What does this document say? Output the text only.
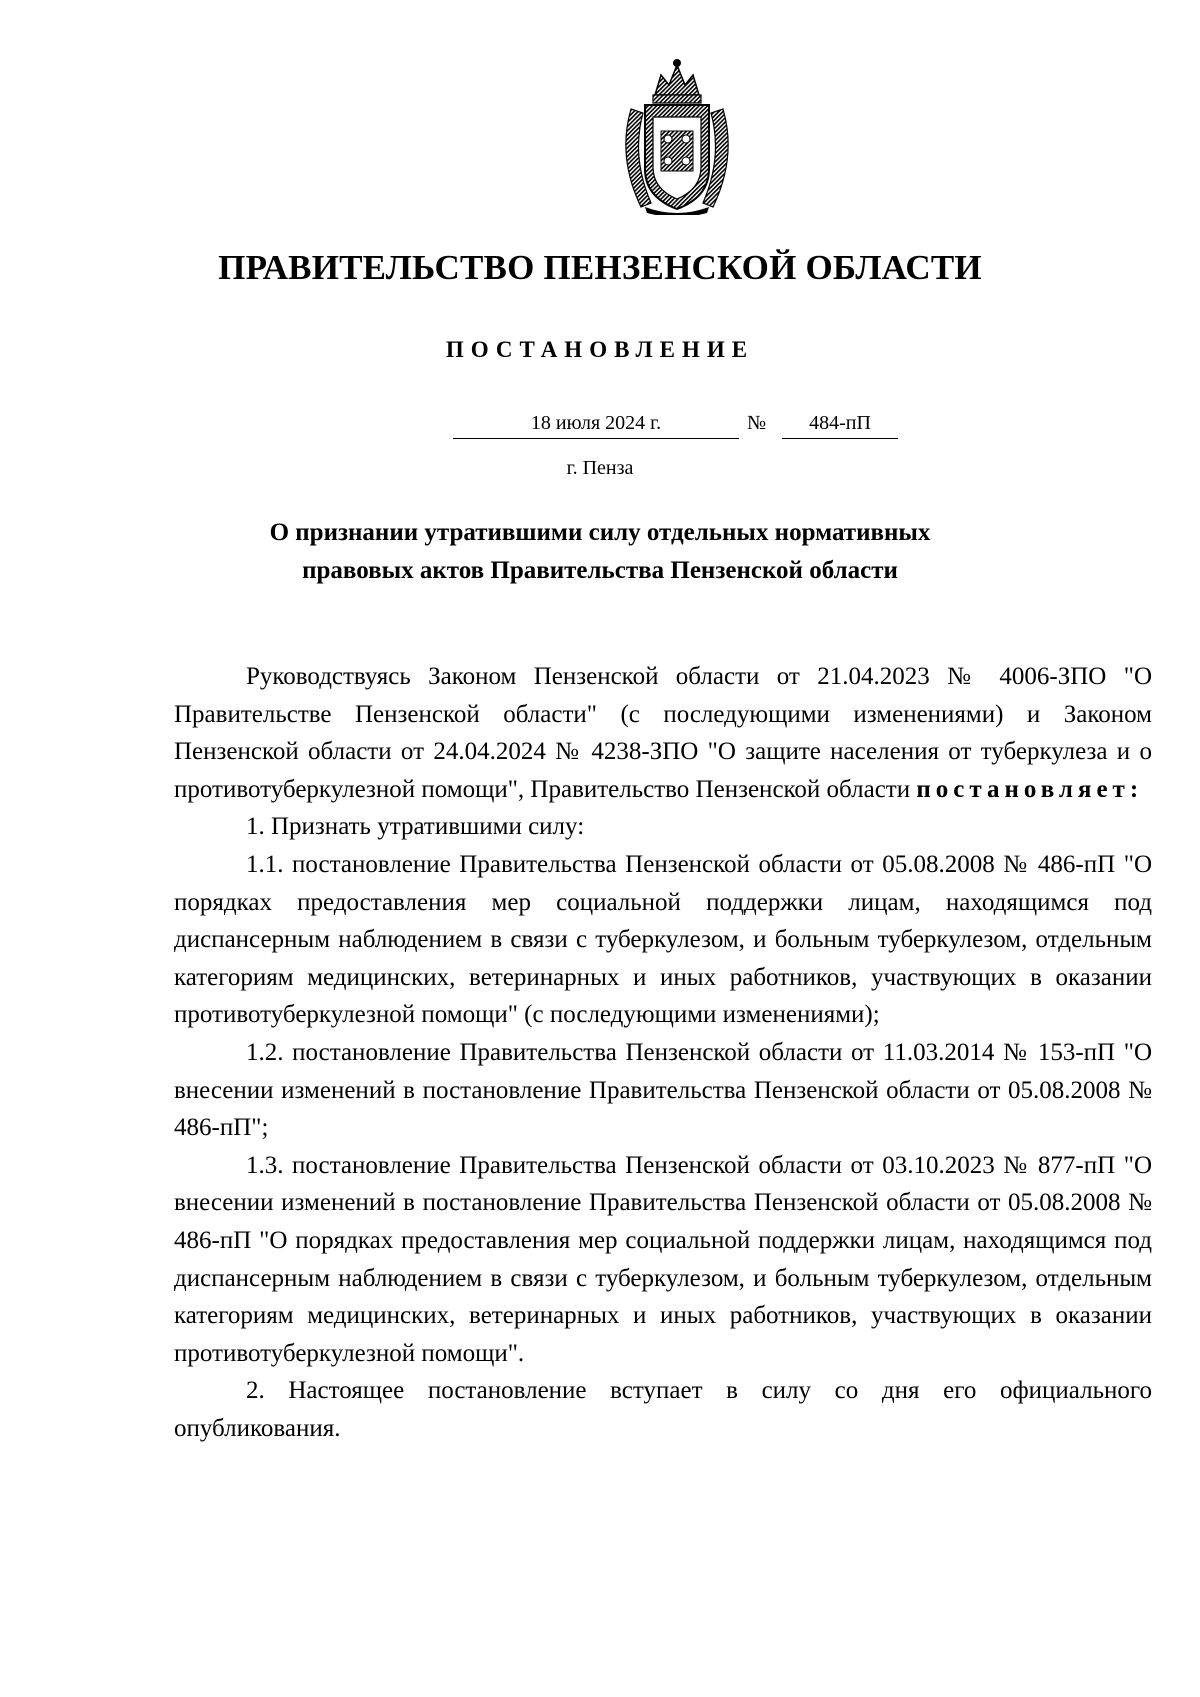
ПРАВИТЕЛЬСТВО ПЕНЗЕНСКОЙ ОБЛАСТИ
ПОСТАНОВЛЕНИЕ
18 июля 2024 г.	№	484-пП
г. Пенза
О признании утратившими силу отдельных нормативных
правовых актов Правительства Пензенской области

Руководствуясь Законом Пензенской области от 21.04.2023 № 4006-ЗПО "О Правительстве Пензенской области" (с последующими изменениями) и Законом Пензенской области от 24.04.2024 № 4238-ЗПО "О защите населения от туберкулеза и о противотуберкулезной помощи", Правительство Пензенской области постановляет:

1. Признать утратившими силу:

1.1. постановление Правительства Пензенской области от 05.08.2008 № 486-пП "О порядках предоставления мер социальной поддержки лицам, находящимся под диспансерным наблюдением в связи с туберкулезом, и больным туберкулезом, отдельным категориям медицинских, ветеринарных и иных работников, участвующих в оказании противотуберкулезной помощи" (с последующими изменениями);

1.2. постановление Правительства Пензенской области от 11.03.2014 № 153-пП "О внесении изменений в постановление Правительства Пензенской области от 05.08.2008 № 486-пП";

1.3. постановление Правительства Пензенской области от 03.10.2023 № 877-пП "О внесении изменений в постановление Правительства Пензенской области от 05.08.2008 № 486-пП "О порядках предоставления мер социальной поддержки лицам, находящимся под диспансерным наблюдением в связи с туберкулезом, и больным туберкулезом, отдельным категориям медицинских, ветеринарных и иных работников, участвующих в оказании противотуберкулезной помощи".

2. Настоящее постановление вступает в силу со дня его официального опубликования.
